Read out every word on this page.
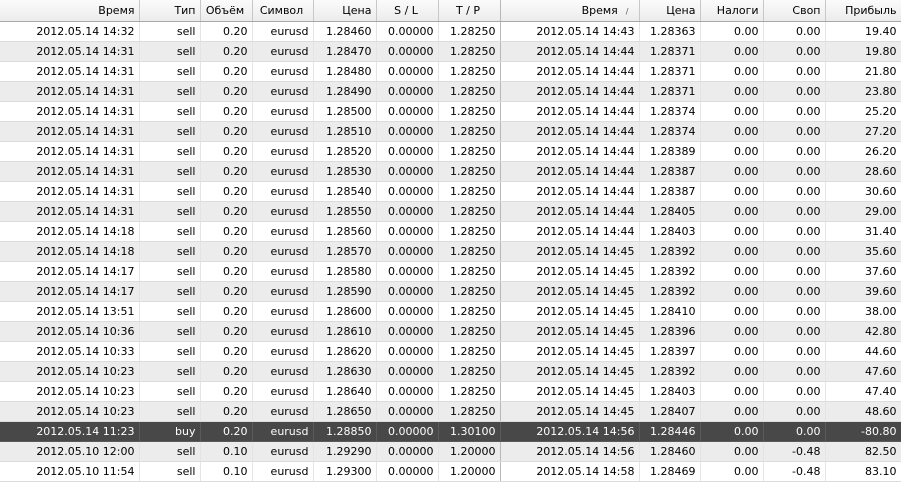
Время	Тип	Объём	Символ	Цена	S / L	T / P	Время /	Цена	Налоги	Своп	Прибыль
2012.05.14 14:32	sell	0.20	eurusd	1.28460	0.00000	1.28250	2012.05.14 14:43	1.28363	0.00	0.00	19.40
2012.05.14 14:31	sell	0.20	eurusd	1.28470	0.00000	1.28250	2012.05.14 14:44	1.28371	0.00	0.00	19.80
2012.05.14 14:31	sell	0.20	eurusd	1.28480	0.00000	1.28250	2012.05.14 14:44	1.28371	0.00	0.00	21.80
2012.05.14 14:31	sell	0.20	eurusd	1.28490	0.00000	1.28250	2012.05.14 14:44	1.28371	0.00	0.00	23.80
2012.05.14 14:31	sell	0.20	eurusd	1.28500	0.00000	1.28250	2012.05.14 14:44	1.28374	0.00	0.00	25.20
2012.05.14 14:31	sell	0.20	eurusd	1.28510	0.00000	1.28250	2012.05.14 14:44	1.28374	0.00	0.00	27.20
2012.05.14 14:31	sell	0.20	eurusd	1.28520	0.00000	1.28250	2012.05.14 14:44	1.28389	0.00	0.00	26.20
2012.05.14 14:31	sell	0.20	eurusd	1.28530	0.00000	1.28250	2012.05.14 14:44	1.28387	0.00	0.00	28.60
2012.05.14 14:31	sell	0.20	eurusd	1.28540	0.00000	1.28250	2012.05.14 14:44	1.28387	0.00	0.00	30.60
2012.05.14 14:31	sell	0.20	eurusd	1.28550	0.00000	1.28250	2012.05.14 14:44	1.28405	0.00	0.00	29.00
2012.05.14 14:18	sell	0.20	eurusd	1.28560	0.00000	1.28250	2012.05.14 14:44	1.28403	0.00	0.00	31.40
2012.05.14 14:18	sell	0.20	eurusd	1.28570	0.00000	1.28250	2012.05.14 14:45	1.28392	0.00	0.00	35.60
2012.05.14 14:17	sell	0.20	eurusd	1.28580	0.00000	1.28250	2012.05.14 14:45	1.28392	0.00	0.00	37.60
2012.05.14 14:17	sell	0.20	eurusd	1.28590	0.00000	1.28250	2012.05.14 14:45	1.28392	0.00	0.00	39.60
2012.05.14 13:51	sell	0.20	eurusd	1.28600	0.00000	1.28250	2012.05.14 14:45	1.28410	0.00	0.00	38.00
2012.05.14 10:36	sell	0.20	eurusd	1.28610	0.00000	1.28250	2012.05.14 14:45	1.28396	0.00	0.00	42.80
2012.05.14 10:33	sell	0.20	eurusd	1.28620	0.00000	1.28250	2012.05.14 14:45	1.28397	0.00	0.00	44.60
2012.05.14 10:23	sell	0.20	eurusd	1.28630	0.00000	1.28250	2012.05.14 14:45	1.28392	0.00	0.00	47.60
2012.05.14 10:23	sell	0.20	eurusd	1.28640	0.00000	1.28250	2012.05.14 14:45	1.28403	0.00	0.00	47.40
2012.05.14 10:23	sell	0.20	eurusd	1.28650	0.00000	1.28250	2012.05.14 14:45	1.28407	0.00	0.00	48.60
2012.05.14 11:23	buy	0.20	eurusd	1.28850	0.00000	1.30100	2012.05.14 14:56	1.28446	0.00	0.00	-80.80
2012.05.10 12:00	sell	0.10	eurusd	1.29290	0.00000	1.20000	2012.05.14 14:56	1.28460	0.00	-0.48	82.50
2012.05.10 11:54	sell	0.10	eurusd	1.29300	0.00000	1.20000	2012.05.14 14:58	1.28469	0.00	-0.48	83.10
